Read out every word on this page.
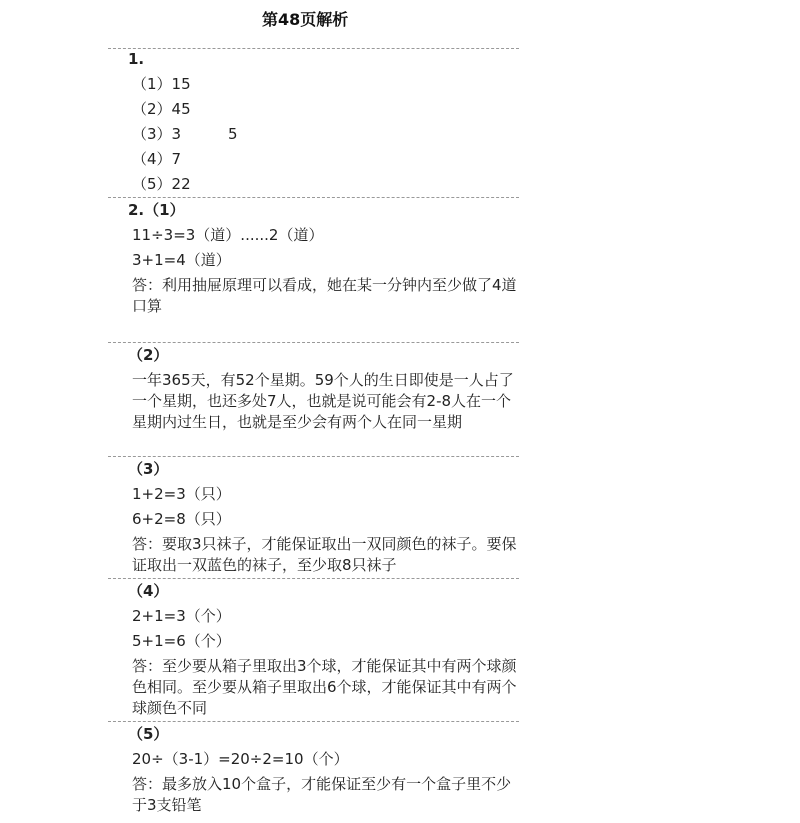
第48页解析
1.
（1）15
（2）45
（3）3	5
（4）7
（5）22
2.（1）
11÷3=3（道）......2（道）
3+1=4（道）
答：利用抽屉原理可以看成，她在某一分钟内至少做了4道口算
（2）
一年365天，有52个星期。59个人的生日即使是一人占了一个星期，也还多处7人，也就是说可能会有2-8人在一个星期内过生日，也就是至少会有两个人在同一星期
（3）
1+2=3（只）
6+2=8（只）
答：要取3只袜子，才能保证取出一双同颜色的袜子。要保证取出一双蓝色的袜子，至少取8只袜子
（4）
2+1=3（个）
5+1=6（个）
答：至少要从箱子里取出3个球，才能保证其中有两个球颜色相同。至少要从箱子里取出6个球，才能保证其中有两个球颜色不同
（5）
20÷（3-1）=20÷2=10（个）
答：最多放入10个盒子，才能保证至少有一个盒子里不少于3支铅笔
